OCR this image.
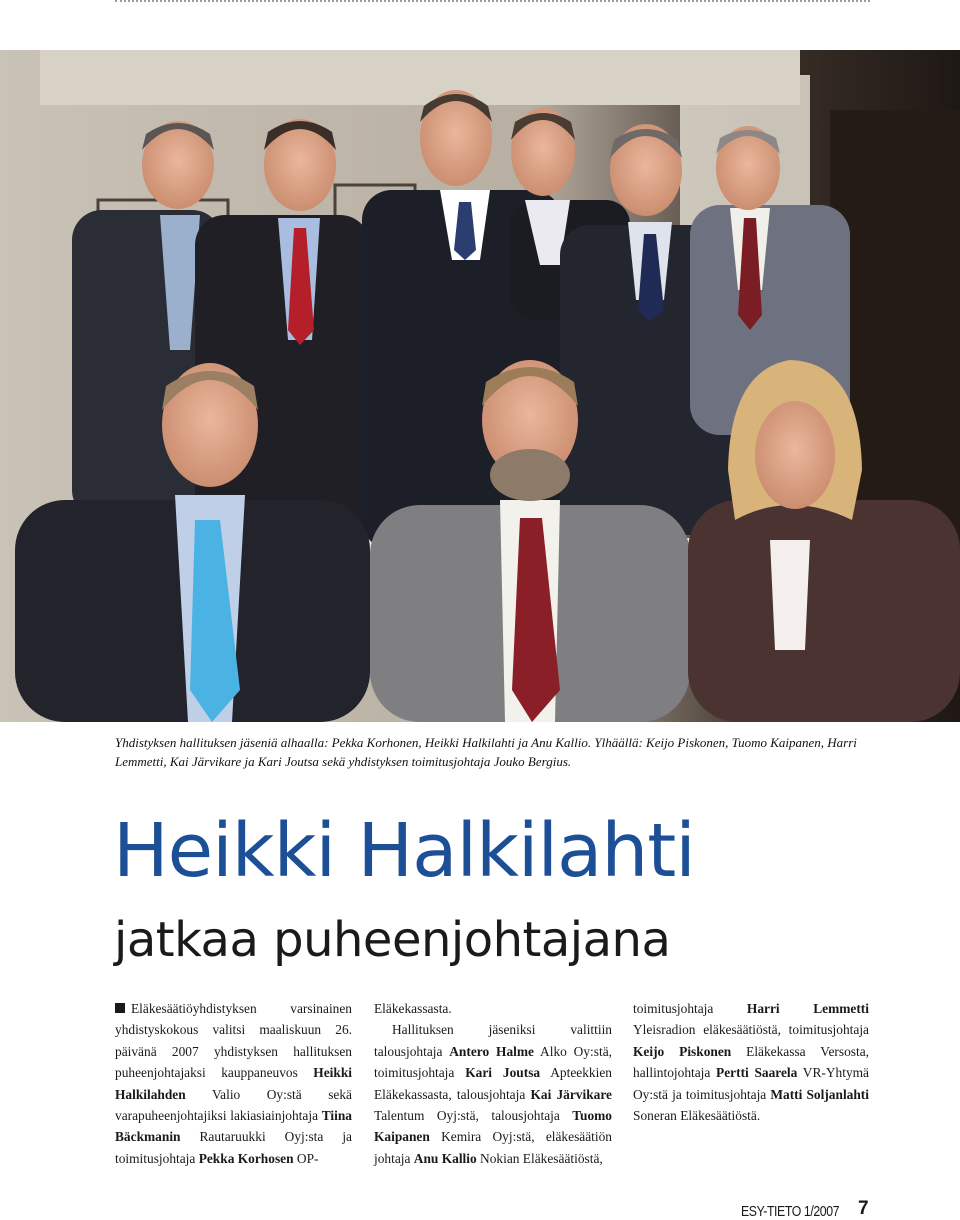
Yhdistyksen hallituksen jäseniä alhaalla: Pekka Korhonen, Heikki Halkilahti ja Anu Kallio. Ylhäällä: Keijo Piskonen, Tuomo Kaipanen, Harri Lemmetti, Kai Järvikare ja Kari Joutsa sekä yhdistyksen toimitusjohtaja Jouko Bergius.
Heikki Halkilahti
jatkaa puheenjohtajana
Eläkesäätiöyhdistyksen varsinainen yhdistyskokous valitsi maaliskuun 26. päivänä 2007 yhdistyksen hallituksen puheenjohtajaksi kauppaneuvos Heikki Halkilahden Valio Oy:stä sekä varapuheenjohtajiksi lakiasiainjohtaja Tiina Bäckmanin Rautaruukki Oyj:sta ja toimitusjohtaja Pekka Korhosen OP-
Eläkekassasta.
Hallituksen jäseniksi valittiin talousjohtaja Antero Halme Alko Oy:stä, toimitusjohtaja Kari Joutsa Apteekkien Eläkekassasta, talousjohtaja Kai Järvikare Talentum Oyj:stä, talousjohtaja Tuomo Kaipanen Kemira Oyj:stä, eläkesäätiön johtaja Anu Kallio Nokian Eläkesäätiöstä,
toimitusjohtaja Harri Lemmetti Yleisradion eläkesäätiöstä, toimitusjohtaja Keijo Piskonen Eläkekassa Versosta, hallintojohtaja Pertti Saarela VR-Yhtymä Oy:stä ja toimitusjohtaja Matti Soljanlahti Soneran Eläkesäätiöstä.
ESY-TIETO 1/2007 7
